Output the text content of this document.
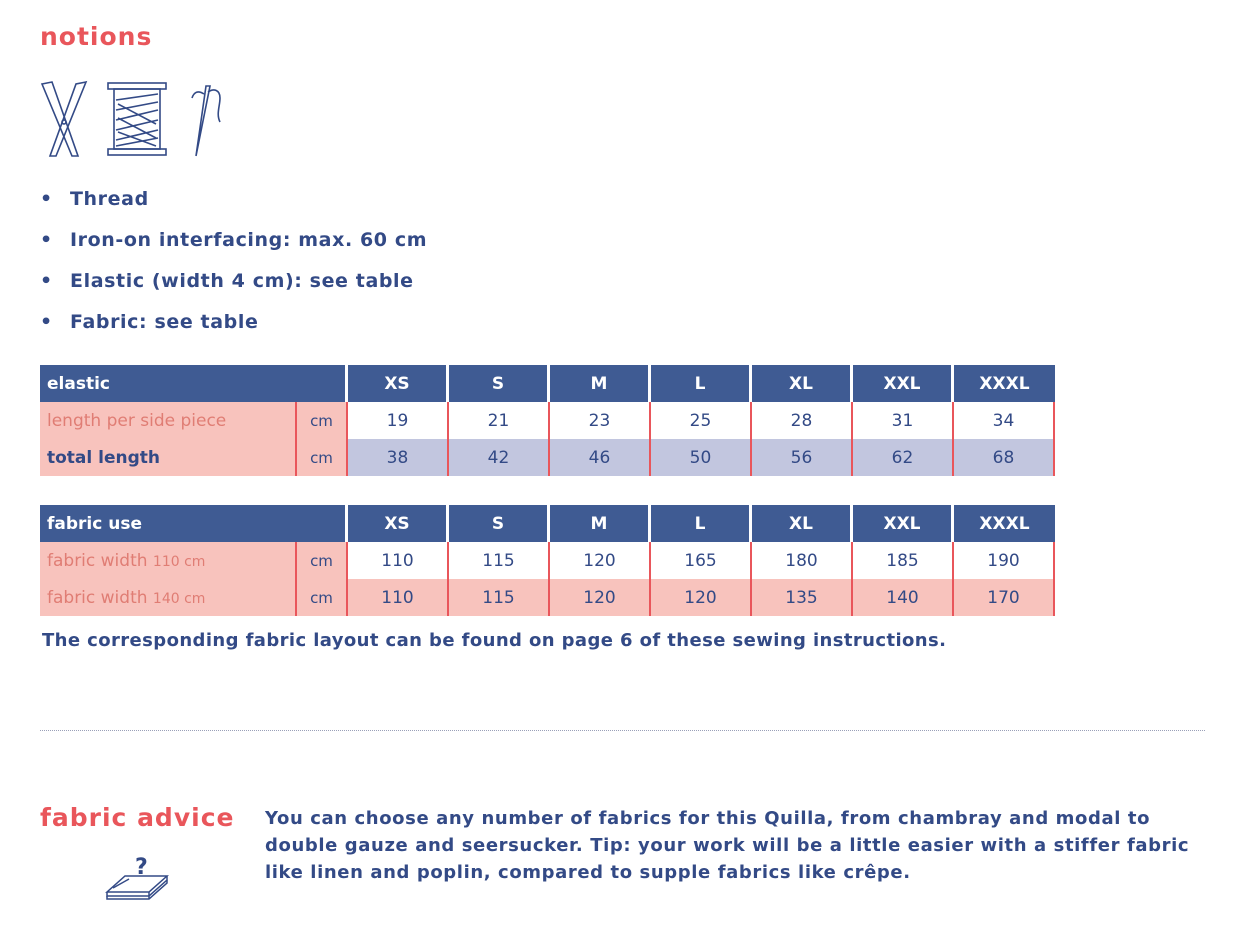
notions
• Thread
• Iron-on interfacing: max. 60 cm
• Elastic (width 4 cm): see table
• Fabric: see table
elastic		XS	S	M	L	XL	XXL	XXXL
length per side piece	cm	19	21	23	25	28	31	34
total length	cm	38	42	46	50	56	62	68
fabric use		XS	S	M	L	XL	XXL	XXXL
fabric width 110 cm	cm	110	115	120	165	180	185	190
fabric width 140 cm	cm	110	115	120	120	135	140	170
The corresponding fabric layout can be found on page 6 of these sewing instructions.
fabric advice
?
You can choose any number of fabrics for this Quilla, from chambray and modal to double gauze and seersucker. Tip: your work will be a little easier with a stiffer fabric like linen and poplin, compared to supple fabrics like crêpe.
